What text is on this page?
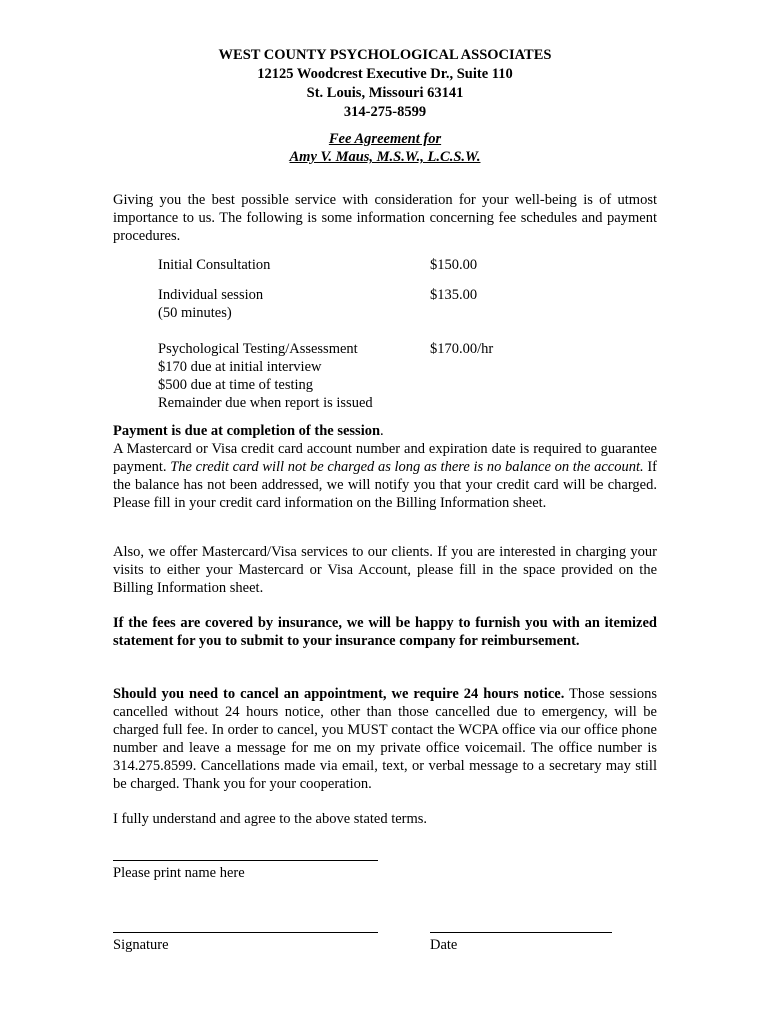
WEST COUNTY PSYCHOLOGICAL ASSOCIATES
12125 Woodcrest Executive Dr., Suite 110
St. Louis, Missouri 63141
314-275-8599
Fee Agreement for
Amy V. Maus, M.S.W., L.C.S.W.

Giving you the best possible service with consideration for your well-being is of utmost importance to us. The following is some information concerning fee schedules and payment procedures.

Initial Consultation	$150.00
Individual session
(50 minutes)
$135.00
Psychological Testing/Assessment
$170 due at initial interview
$500 due at time of testing
Remainder due when report is issued
$170.00/hr

Payment is due at completion of the session.
A Mastercard or Visa credit card account number and expiration date is required to guarantee payment. The credit card will not be charged as long as there is no balance on the account. If the balance has not been addressed, we will notify you that your credit card will be charged. Please fill in your credit card information on the Billing Information sheet.

Also, we offer Mastercard/Visa services to our clients. If you are interested in charging your visits to either your Mastercard or Visa Account, please fill in the space provided on the Billing Information sheet.

If the fees are covered by insurance, we will be happy to furnish you with an itemized statement for you to submit to your insurance company for reimbursement.

Should you need to cancel an appointment, we require 24 hours notice. Those sessions cancelled without 24 hours notice, other than those cancelled due to emergency, will be charged full fee. In order to cancel, you MUST contact the WCPA office via our office phone number and leave a message for me on my private office voicemail. The office number is 314.275.8599. Cancellations made via email, text, or verbal message to a secretary may still be charged. Thank you for your cooperation.

I fully understand and agree to the above stated terms.

Please print name here
Signature	Date
